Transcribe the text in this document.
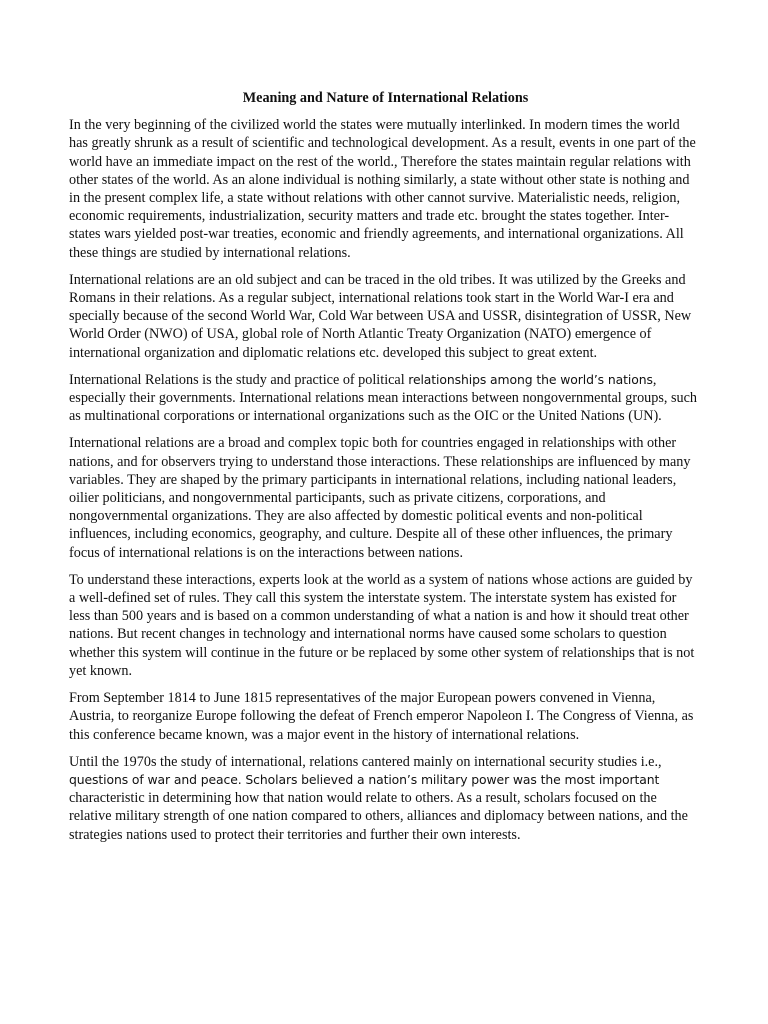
Meaning and Nature of International Relations

In the very beginning of the civilized world the states were mutually interlinked. In modern times the world has greatly shrunk as a result of scientific and technological development. As a result, events in one part of the world have an immediate impact on the rest of the world., Therefore the states maintain regular relations with other states of the world. As an alone individual is nothing similarly, a state without other state is nothing and in the present complex life, a state without relations with other cannot survive. Materialistic needs, religion, economic requirements, industrialization, security matters and trade etc. brought the states together. Inter-states wars yielded post-war treaties, economic and friendly agreements, and international organizations. All these things are studied by international relations.

International relations are an old subject and can be traced in the old tribes. It was utilized by the Greeks and Romans in their relations. As a regular subject, international relations took start in the World War-I era and specially because of the second World War, Cold War between USA and USSR, disintegration of USSR, New World Order (NWO) of USA, global role of North Atlantic Treaty Organization (NATO) emergence of international organization and diplomatic relations etc. developed this subject to great extent.

International Relations is the study and practice of political relationships among the world’s nations, especially their governments. International relations mean interactions between nongovernmental groups, such as multinational corporations or international organizations such as the OIC or the United Nations (UN).

International relations are a broad and complex topic both for countries engaged in relationships with other nations, and for observers trying to understand those interactions. These relationships are influenced by many variables. They are shaped by the primary participants in international relations, including national leaders, oilier politicians, and nongovernmental participants, such as private citizens, corporations, and nongovernmental organizations. They are also affected by domestic political events and non-political influences, including economics, geography, and culture. Despite all of these other influences, the primary focus of international relations is on the interactions between nations.

To understand these interactions, experts look at the world as a system of nations whose actions are guided by a well-defined set of rules. They call this system the interstate system. The interstate system has existed for less than 500 years and is based on a common understanding of what a nation is and how it should treat other nations. But recent changes in technology and international norms have caused some scholars to question whether this system will continue in the future or be replaced by some other system of relationships that is not yet known.

From September 1814 to June 1815 representatives of the major European powers convened in Vienna, Austria, to reorganize Europe following the defeat of French emperor Napoleon I. The Congress of Vienna, as this conference became known, was a major event in the history of international relations.

Until the 1970s the study of international, relations cantered mainly on international security studies i.e., questions of war and peace. Scholars believed a nation’s military power was the most important characteristic in determining how that nation would relate to others. As a result, scholars focused on the relative military strength of one nation compared to others, alliances and diplomacy between nations, and the strategies nations used to protect their territories and further their own interests.
